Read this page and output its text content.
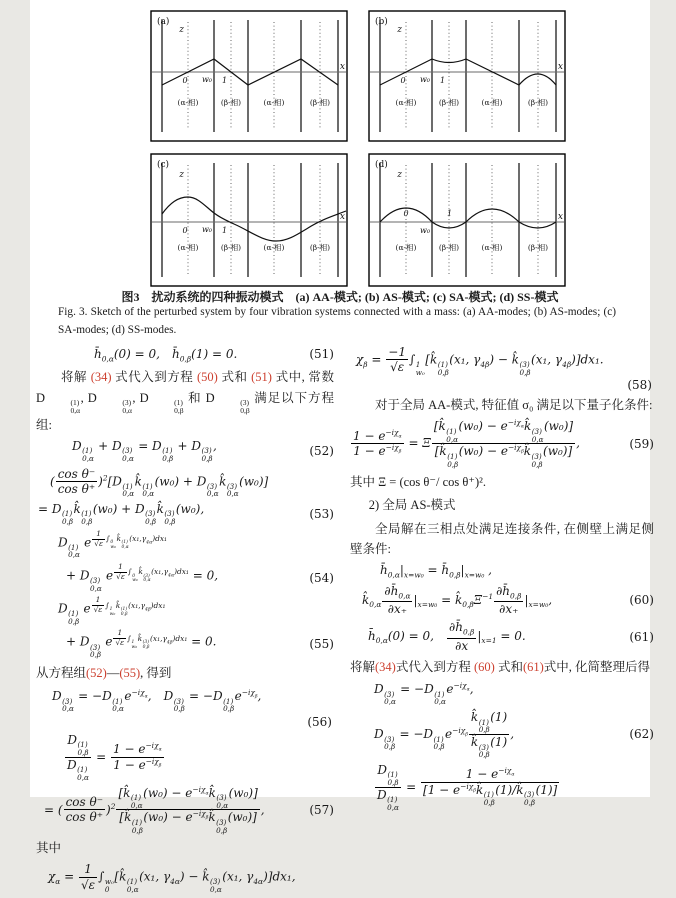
(a)
z
x
0 w₀ 1
(α-相)	(β-相)	(α-相)	(β-相)
(b)
z
x
0 w₀ 1
(α-相)	(β-相)	(α-相)	(β-相)
(c)
z
x
0 w₀ 1
(α-相)	(β-相)	(α-相)	(β-相)
(d)
z
x
0
w₀
1
(α-相)	(β-相)	(α-相)	(β-相)
图3　扰动系统的四种振动模式　(a) AA-模式; (b) AS-模式; (c) SA-模式; (d) SS-模式
Fig. 3. Sketch of the perturbed system by four vibration systems connected with a mass: (a) AA-modes; (b) AS-modes; (c) SA-modes; (d) SS-modes.
$h̄_{0,\alpha}(0) = 0$,　$h̄_{0,\beta}(1) = 0$.	(51)
将解 (34) 式代入到方程 (50) 式和 (51) 式中, 常数 D	(1)
0,α
, D	(3)
0,α
, D	(1)
0,β
和 D	(3)
0,β
满足以下方程组:
D (1)
0,α
+ D (3)
0,α
= D (1)
0,β
+ D (3)
0,β
,	(52)
( $\frac{\text{cos θ⁻}}{\text{cos θ⁺}} )^2[D$ (1)
0,α
k̂ (1)
0,α
(w₀) + D (3)
0,α
k̂ (3)
0,α
(w₀)]
= D (1)
0,β
k̂ (1)
0,β
(w₀) + D (3)
0,β
k̂ (3)
0,β
(w₀),	(53)
D (1)
0,α
e $^{\frac{1}{√\varepsilon} \int 0 w_0 k̂ (1) 0,\alpha (x_1,\gamma_{4\alpha})dx_1}$
+ D (3)
0,α
e $^{\frac{1}{√\varepsilon} \int 0 w_0 k̂ (3) 0,\alpha (x_1,\gamma_{4\alpha})dx_1}$ = 0,	(54)
D (1)
0,β
e $^{\frac{1}{√\varepsilon} \int 1 w_0 k̂ (1) 0,\beta (x_1,\gamma_{4\beta})dx_1}$
+ D (3)
0,β
e $^{\frac{1}{√\varepsilon} \int 1 w_0 k̂ (3) 0,\beta (x_1,\gamma_{4\beta})dx_1}$ = 0.	(55)
从方程组(52)—(55), 得到
D (3)
0,α
= −D (1)
0,α
$e^{-i\chi_\alpha}$,　D (3)
0,β
= −D (1)
0,β
$e^{-i\chi_\beta}$,
(56)
D (1)
0,β
D (1)
$0,\alpha = \frac{1 - e^{-i\chi_\alpha}}{1 - e^{-i\chi_\beta}}$
= ( $\frac{\text{cos θ⁻}}{\text{cos θ⁺}} )^2$ [k̂ (1)
0,α
$(w_0) - e^{-i\chi_\alpha}k̂$ (3)
0,α
(w₀)]
[k̂ (1)
0,β
$(w_0) - e^{-i\chi_\beta}k̂$ (3)
0,β
(w₀)] ,	(57)
其中
$\chi_\alpha = \frac{1}{√\varepsilon}$ ∫ w₀
0
[k̂ (1)
0,α
(x₁, $\gamma_{4\alpha}$) − k̂ (3)
0,α
(x₁, $\gamma_{4\alpha})]dx_1$,
$\chi_\beta = \frac{-1}{√\varepsilon}$ ∫ 1
w₀
[k̂ (1)
0,β
(x₁, $\gamma_{4\beta}$) − k̂ (3)
0,β
(x₁, $\gamma_{4\beta})]dx_1$.
(58)
对于全局 AA-模式, 特征值 σ₀ 满足以下量子化条件:
$\frac{1 - e^{-i\chi_\alpha}}{1 - e^{-i\chi_\beta}} = \Xi$ [k̂ (1)
0,α
$(w_0) - e^{-i\chi_\alpha}k̂$ (3)
0,α
(w₀)]
[k̂ (1)
0,β
$(w_0) - e^{-i\chi_\beta}k̂$ (3)
0,β
(w₀)] ,	(59)
其中 Ξ = (cos θ⁻/ cos θ⁺)².
2) 全局 AS-模式
全局解在三相点处满足连接条件, 在侧壁上满足侧壁条件:
$h̄_{0,\alpha}|_{x=w_0}$ = $h̄_{0,\beta}|_{x=w_0}$ ,
$k̂_{0,\alpha} \frac{\partial h̄_{0,\alpha}}{\partial x_+} |_{x=w_0}$ = $k̂_{0,\beta}\Xi^{-1} \frac{\partial h̄_{0,\beta}}{\partial x_+} |_{x=w_0}$,	(60)
$h̄_{0,\alpha}(0) = 0$,　 $\frac{\partial h̄_{0,\beta}}{\partial x} |_{x=1} = 0$.	(61)
将解(34)式代入到方程 (60) 式和(61)式中, 化简整理后得
D (3)
0,α
= −D (1)
0,α
$e^{-i\chi_\alpha}$,
D (3)
0,β
= −D (1)
0,β
$e^{-i\chi_\beta}$ k̂ (1)
0,β
(1)
k̂ (3)
0,β
(1) ,	(62)
D (1)
0,β
D (1)
$0,\alpha = 1 - e^{-i\chi_\alpha}$
[$1 - e^{-i\chi_\beta}k̂$ (1)
0,β
(1)/k̂ (3)
0,β
(1)]
